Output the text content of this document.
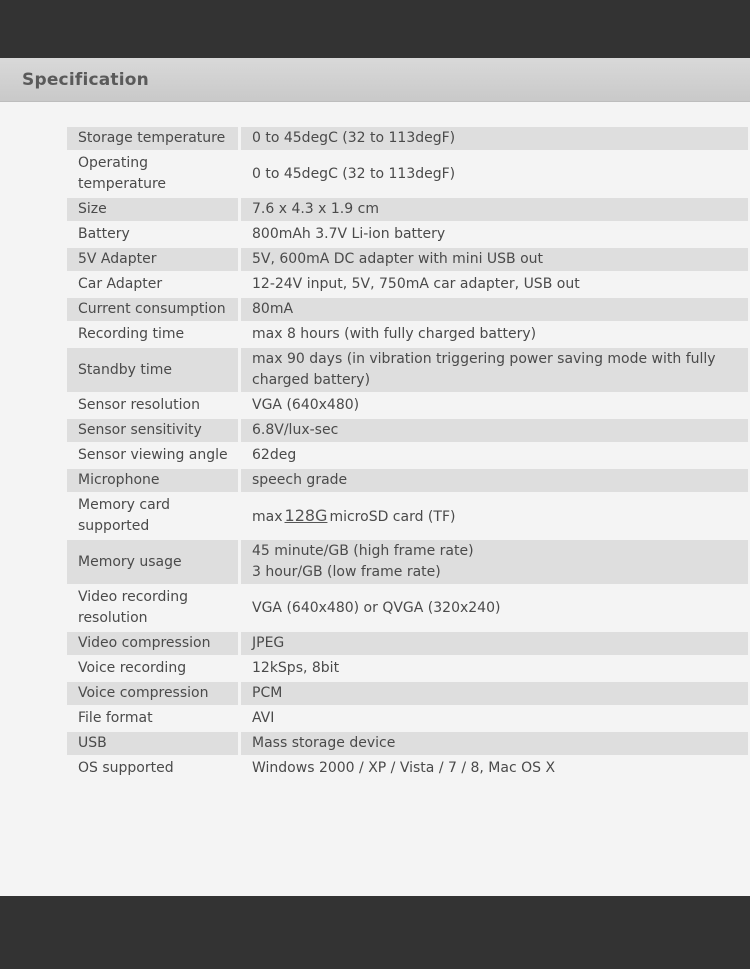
Specification
Storage temperature	0 to 45degC (32 to 113degF)
Operating temperature	0 to 45degC (32 to 113degF)
Size	7.6 x 4.3 x 1.9 cm
Battery	800mAh 3.7V Li-ion battery
5V Adapter	5V, 600mA DC adapter with mini USB out
Car Adapter	12-24V input, 5V, 750mA car adapter, USB out
Current consumption	80mA
Recording time	max 8 hours (with fully charged battery)
Standby time	max 90 days (in vibration triggering power saving mode with fully charged battery)
Sensor resolution	VGA (640x480)
Sensor sensitivity	6.8V/lux-sec
Sensor viewing angle	62deg
Microphone	speech grade
Memory card supported	max 128G microSD card (TF)
Memory usage	45 minute/GB (high frame rate)
3 hour/GB (low frame rate)

Video recording resolution	VGA (640x480) or QVGA (320x240)
Video compression	JPEG
Voice recording	12kSps, 8bit
Voice compression	PCM
File format	AVI
USB	Mass storage device
OS supported	Windows 2000 / XP / Vista / 7 / 8, Mac OS X
